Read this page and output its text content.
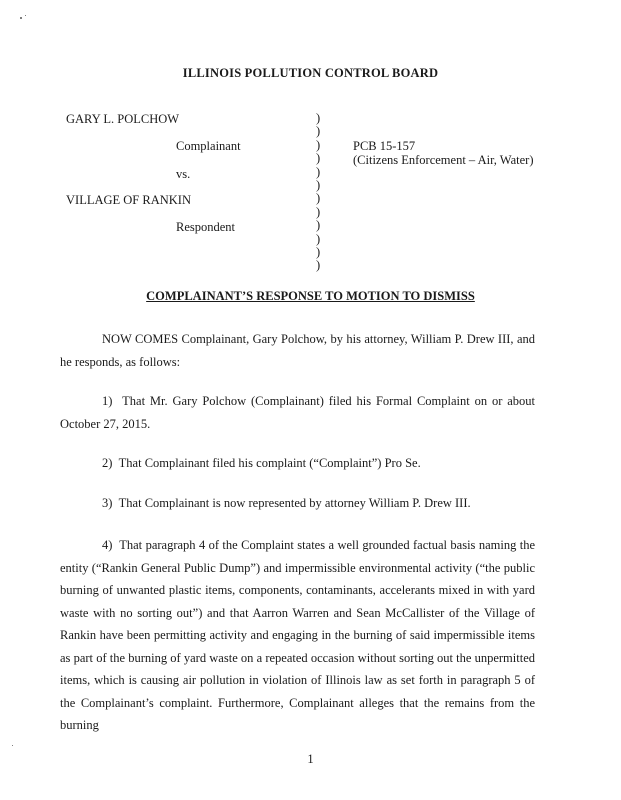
ILLINOIS POLLUTION CONTROL BOARD
GARY L. POLCHOW
Complainant
vs.
VILLAGE OF RANKIN
Respondent
)
)
)
)
)
)
)
)
)
)
)
)
PCB 15-157
(Citizens Enforcement – Air, Water)
COMPLAINANT’S RESPONSE TO MOTION TO DISMISS

NOW COMES Complainant, Gary Polchow, by his attorney, William P. Drew III, and he responds, as follows:

1) That Mr. Gary Polchow (Complainant) filed his Formal Complaint on or about October 27, 2015.

2) That Complainant filed his complaint (“Complaint”) Pro Se.

3) That Complainant is now represented by attorney William P. Drew III.

4) That paragraph 4 of the Complaint states a well grounded factual basis naming the entity (“Rankin General Public Dump”) and impermissible environmental activity (“the public burning of unwanted plastic items, components, contaminants, accelerants mixed in with yard waste with no sorting out”) and that Aarron Warren and Sean McCallister of the Village of Rankin have been permitting activity and engaging in the burning of said impermissible items as part of the burning of yard waste on a repeated occasion without sorting out the unpermitted items, which is causing air pollution in violation of Illinois law as set forth in paragraph 5 of the Complainant’s complaint. Furthermore, Complainant alleges that the remains from the burning

1
